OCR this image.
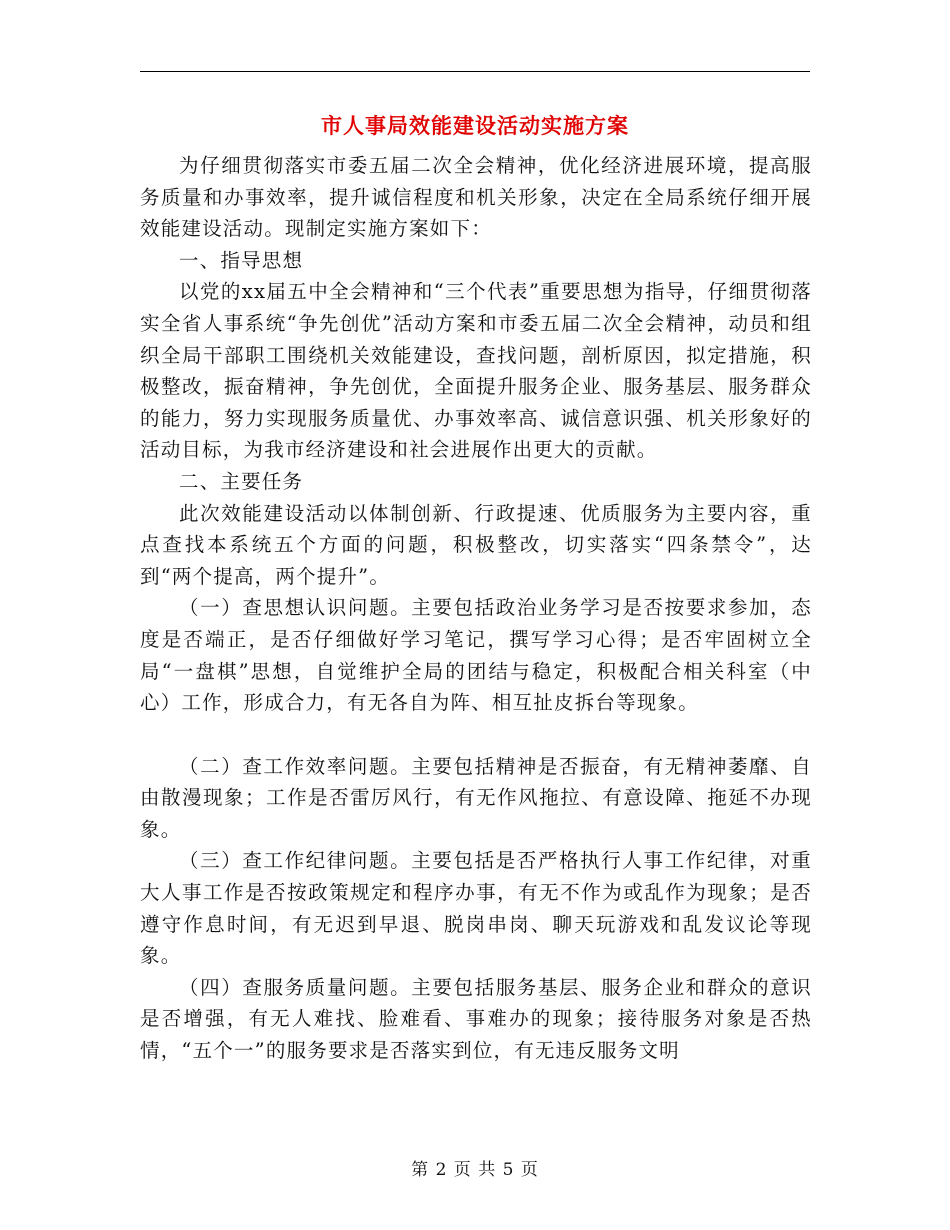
市人事局效能建设活动实施方案

为仔细贯彻落实市委五届二次全会精神，优化经济进展环境，提高服务质量和办事效率，提升诚信程度和机关形象，决定在全局系统仔细开展效能建设活动。现制定实施方案如下：

一、指导思想

以党的xx届五中全会精神和“三个代表”重要思想为指导，仔细贯彻落实全省人事系统“争先创优”活动方案和市委五届二次全会精神，动员和组织全局干部职工围绕机关效能建设，查找问题，剖析原因，拟定措施，积极整改，振奋精神，争先创优，全面提升服务企业、服务基层、服务群众的能力，努力实现服务质量优、办事效率高、诚信意识强、机关形象好的活动目标，为我市经济建设和社会进展作出更大的贡献。

二、主要任务

此次效能建设活动以体制创新、行政提速、优质服务为主要内容，重点查找本系统五个方面的问题，积极整改，切实落实“四条禁令”，达到“两个提高，两个提升”。

（一）查思想认识问题。主要包括政治业务学习是否按要求参加，态度是否端正，是否仔细做好学习笔记，撰写学习心得；是否牢固树立全局“一盘棋”思想，自觉维护全局的团结与稳定，积极配合相关科室（中心）工作，形成合力，有无各自为阵、相互扯皮拆台等现象。

（二）查工作效率问题。主要包括精神是否振奋，有无精神萎靡、自由散漫现象；工作是否雷厉风行，有无作风拖拉、有意设障、拖延不办现象。

（三）查工作纪律问题。主要包括是否严格执行人事工作纪律，对重大人事工作是否按政策规定和程序办事，有无不作为或乱作为现象；是否遵守作息时间，有无迟到早退、脱岗串岗、聊天玩游戏和乱发议论等现象。

（四）查服务质量问题。主要包括服务基层、服务企业和群众的意识是否增强，有无人难找、脸难看、事难办的现象；接待服务对象是否热情，“五个一”的服务要求是否落实到位，有无违反服务文明

第 2 页 共 5 页
